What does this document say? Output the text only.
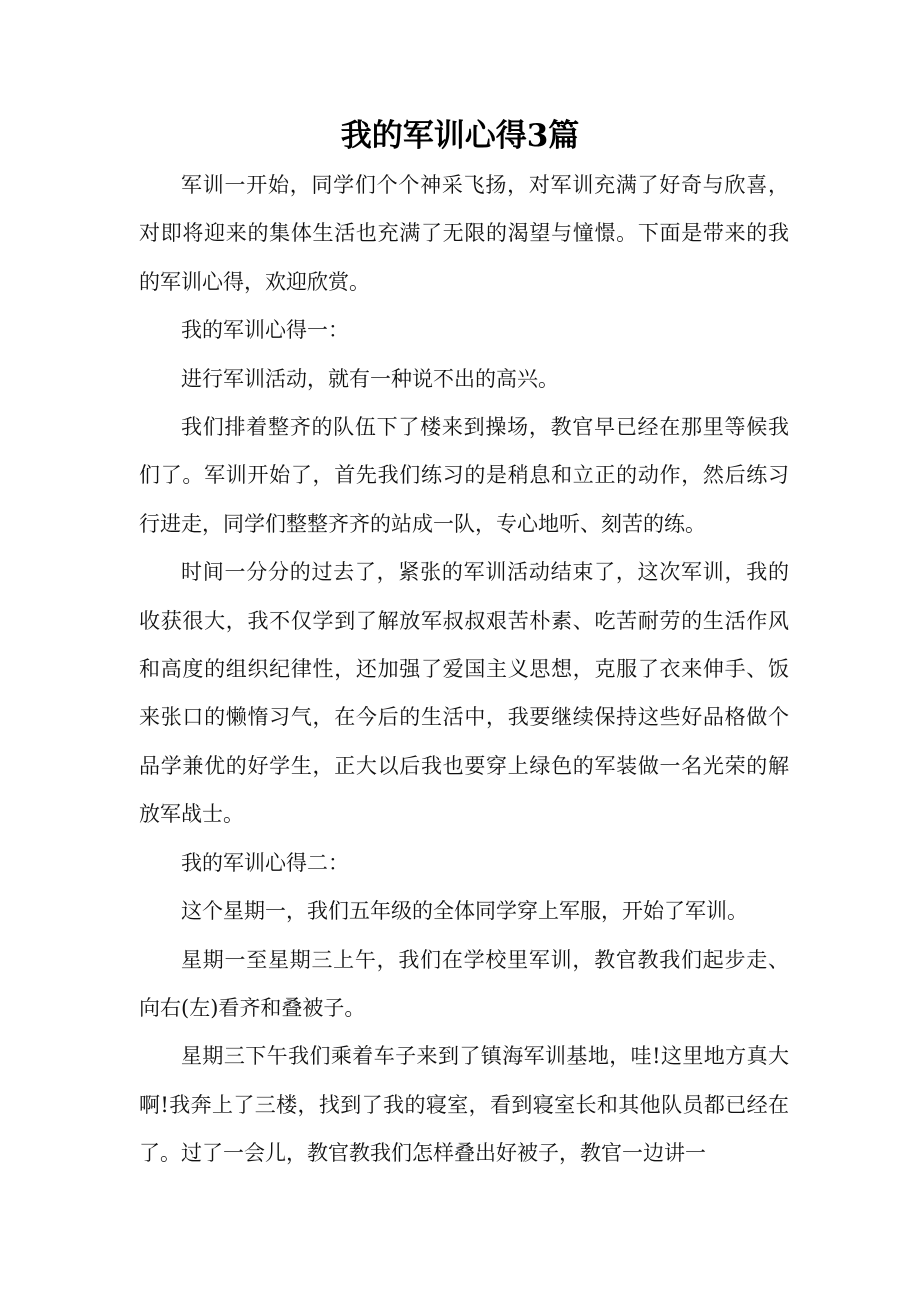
我的军训心得3篇

军训一开始，同学们个个神采飞扬，对军训充满了好奇与欣喜，对即将迎来的集体生活也充满了无限的渴望与憧憬。下面是带来的我的军训心得，欢迎欣赏。

我的军训心得一：

进行军训活动，就有一种说不出的高兴。

我们排着整齐的队伍下了楼来到操场，教官早已经在那里等候我们了。军训开始了，首先我们练习的是稍息和立正的动作，然后练习行进走，同学们整整齐齐的站成一队，专心地听、刻苦的练。

时间一分分的过去了，紧张的军训活动结束了，这次军训，我的收获很大，我不仅学到了解放军叔叔艰苦朴素、吃苦耐劳的生活作风和高度的组织纪律性，还加强了爱国主义思想，克服了衣来伸手、饭来张口的懒惰习气，在今后的生活中，我要继续保持这些好品格做个品学兼优的好学生，正大以后我也要穿上绿色的军装做一名光荣的解放军战士。

我的军训心得二：

这个星期一，我们五年级的全体同学穿上军服，开始了军训。

星期一至星期三上午，我们在学校里军训，教官教我们起步走、向右(左)看齐和叠被子。

星期三下午我们乘着车子来到了镇海军训基地，哇!这里地方真大啊!我奔上了三楼，找到了我的寝室，看到寝室长和其他队员都已经在了。过了一会儿，教官教我们怎样叠出好被子，教官一边讲一
